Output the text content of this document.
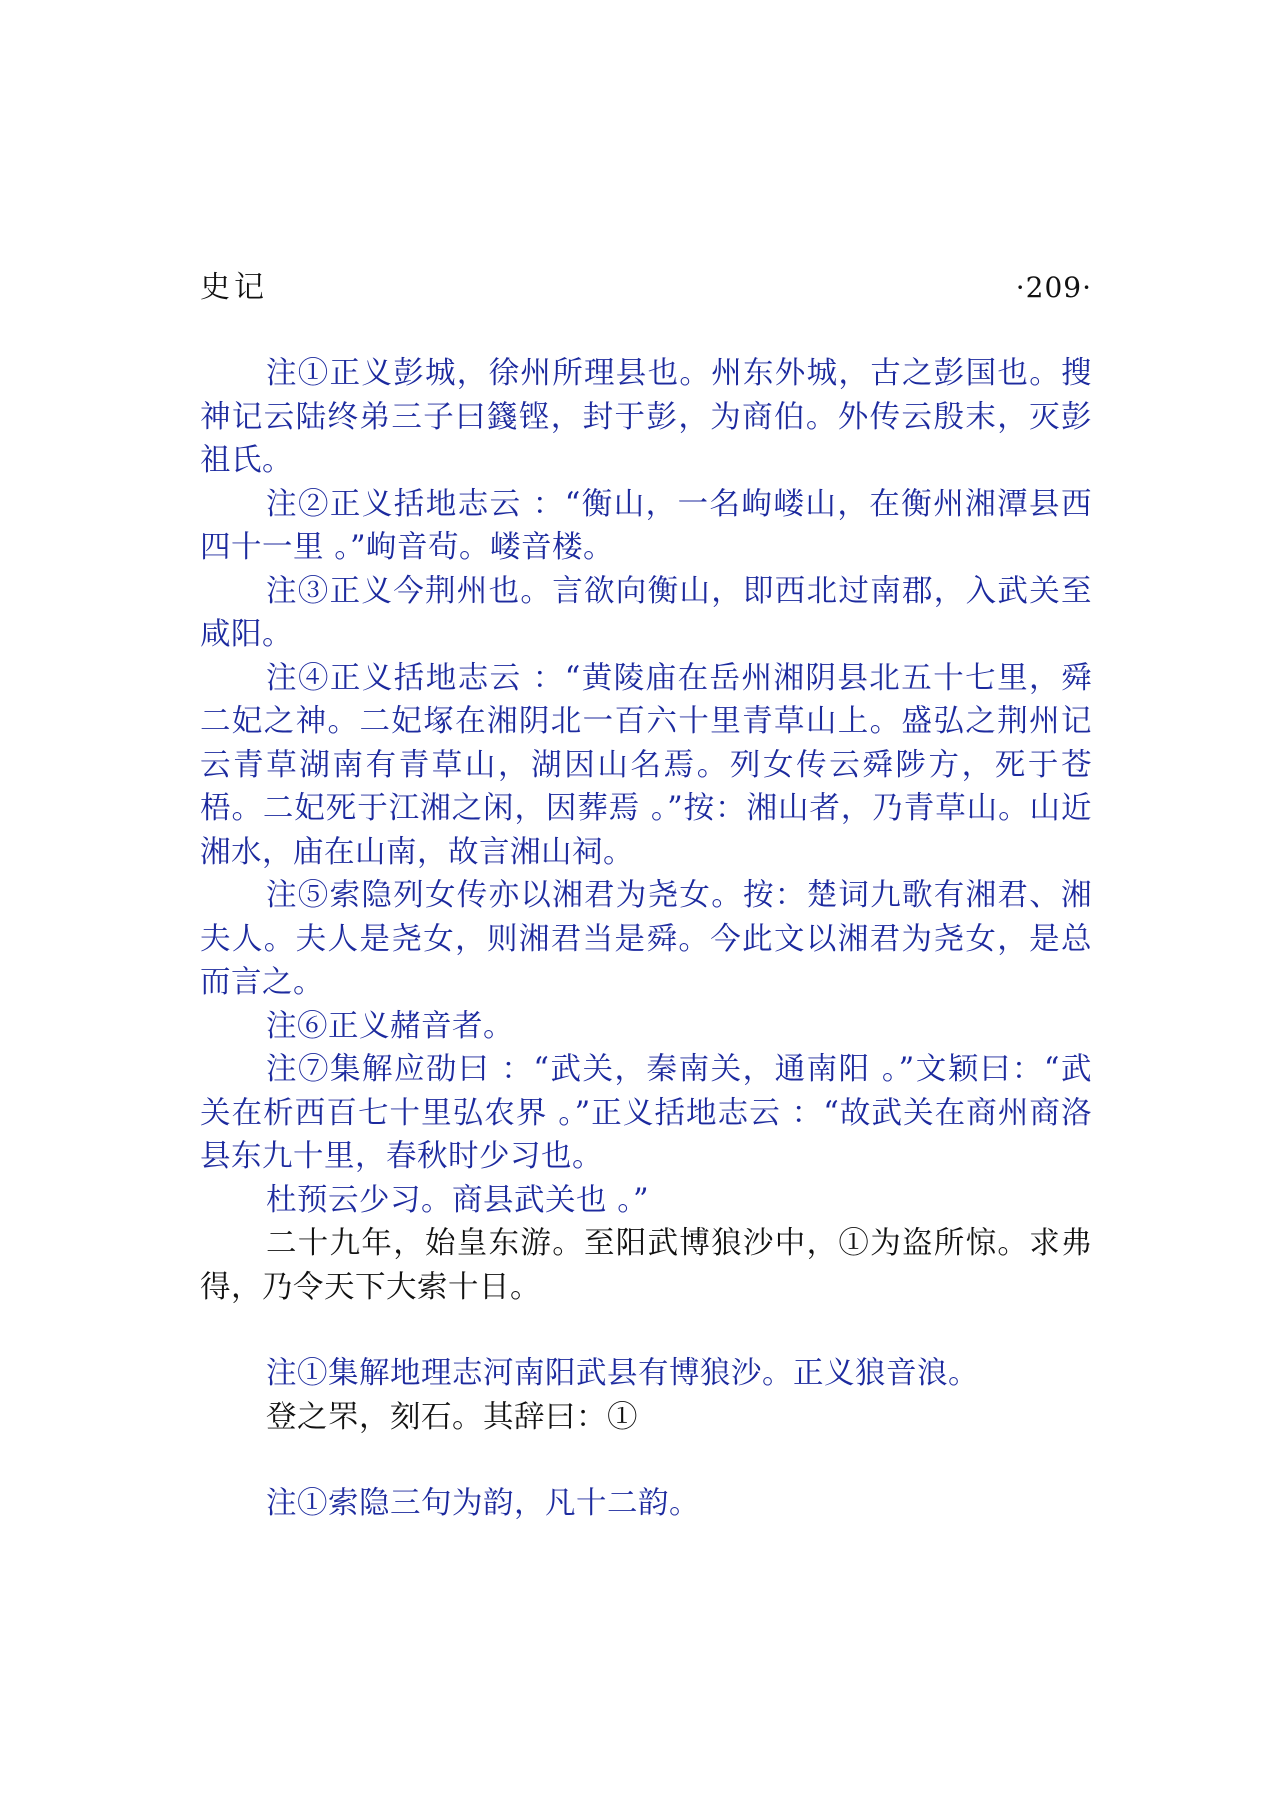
史记	·209·

注①正义彭城，徐州所理县也。州东外城，古之彭国也。搜神记云陆终弟三子曰籛铿，封于彭，为商伯。外传云殷末，灭彭祖氏。

注②正义括地志云 ：“衡山，一名岣嵝山，在衡州湘潭县西四十一里 。”岣音茍。嵝音楼。

注③正义今荆州也。言欲向衡山，即西北过南郡，入武关至咸阳。

注④正义括地志云 ：“黄陵庙在岳州湘阴县北五十七里，舜二妃之神。二妃塚在湘阴北一百六十里青草山上。盛弘之荆州记云青草湖南有青草山，湖因山名焉。列女传云舜陟方，死于苍梧。二妃死于江湘之闲，因葬焉 。”按：湘山者，乃青草山。山近湘水，庙在山南，故言湘山祠。

注⑤索隐列女传亦以湘君为尧女。按：楚词九歌有湘君、湘夫人。夫人是尧女，则湘君当是舜。今此文以湘君为尧女，是总而言之。

注⑥正义赭音者。

注⑦集解应劭曰 ：“武关，秦南关，通南阳 。”文颖曰：“武关在析西百七十里弘农界 。”正义括地志云 ：“故武关在商州商洛县东九十里，春秋时少习也。

杜预云少习。商县武关也 。”

二十九年，始皇东游。至阳武博狼沙中，①为盗所惊。求弗得，乃令天下大索十日。

注①集解地理志河南阳武县有博狼沙。正义狼音浪。

登之罘，刻石。其辞曰：①

注①索隐三句为韵，凡十二韵。
